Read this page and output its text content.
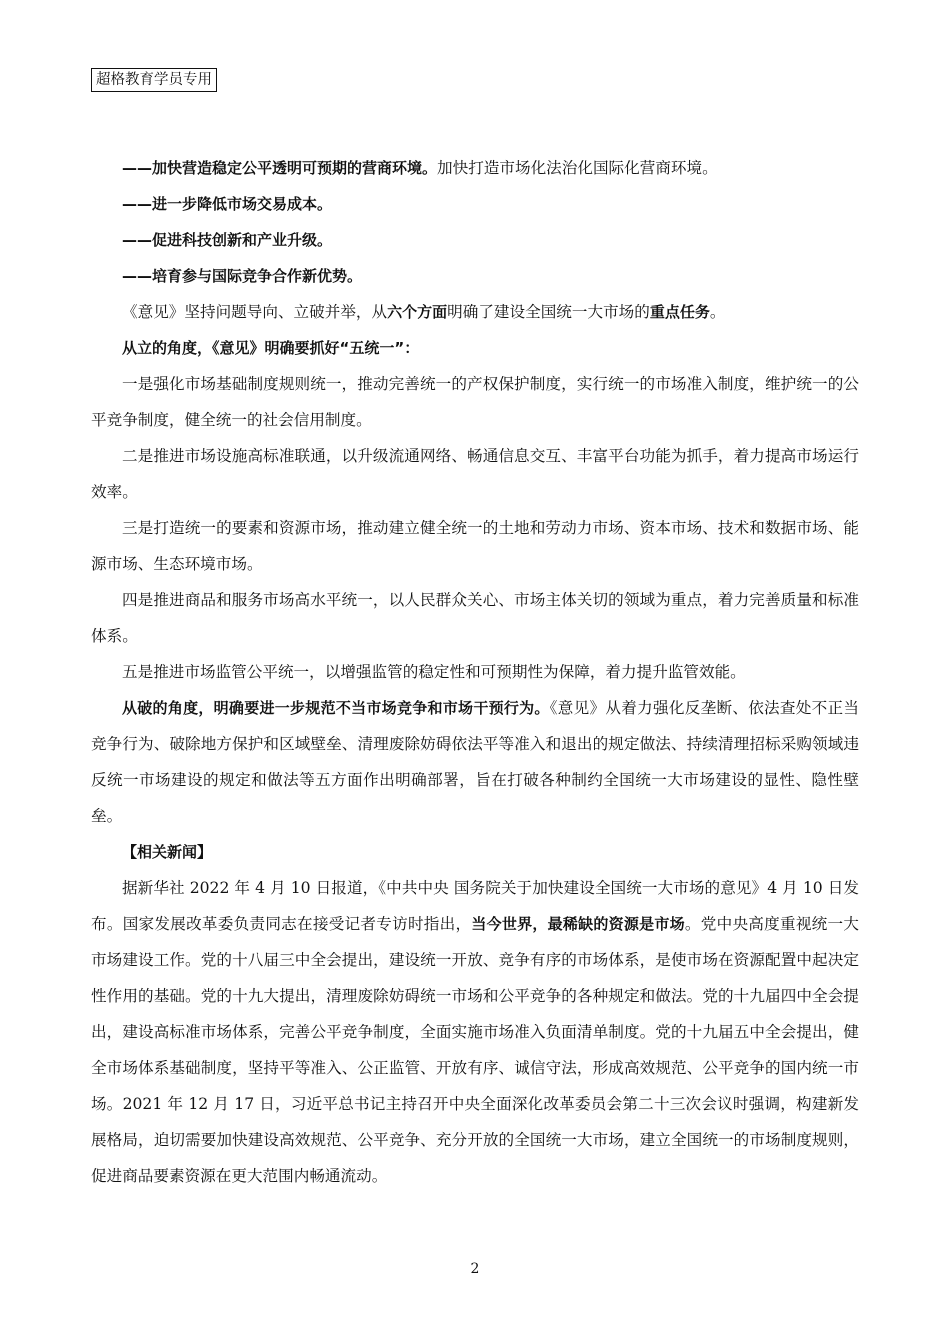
超格教育学员专用

——加快营造稳定公平透明可预期的营商环境。加快打造市场化法治化国际化营商环境。

——进一步降低市场交易成本。

——促进科技创新和产业升级。

——培育参与国际竞争合作新优势。

《意见》坚持问题导向、立破并举，从六个方面明确了建设全国统一大市场的重点任务。

从立的角度，《意见》明确要抓好“五统一”：

一是强化市场基础制度规则统一，推动完善统一的产权保护制度，实行统一的市场准入制度，维护统一的公平竞争制度，健全统一的社会信用制度。

二是推进市场设施高标准联通，以升级流通网络、畅通信息交互、丰富平台功能为抓手，着力提高市场运行效率。

三是打造统一的要素和资源市场，推动建立健全统一的土地和劳动力市场、资本市场、技术和数据市场、能源市场、生态环境市场。

四是推进商品和服务市场高水平统一，以人民群众关心、市场主体关切的领域为重点，着力完善质量和标准体系。

五是推进市场监管公平统一，以增强监管的稳定性和可预期性为保障，着力提升监管效能。

从破的角度，明确要进一步规范不当市场竞争和市场干预行为。《意见》从着力强化反垄断、依法查处不正当竞争行为、破除地方保护和区域壁垒、清理废除妨碍依法平等准入和退出的规定做法、持续清理招标采购领域违反统一市场建设的规定和做法等五方面作出明确部署，旨在打破各种制约全国统一大市场建设的显性、隐性壁垒。

【相关新闻】

据新华社 2022 年 4 月 10 日报道，《中共中央 国务院关于加快建设全国统一大市场的意见》4 月 10 日发布。国家发展改革委负责同志在接受记者专访时指出，当今世界，最稀缺的资源是市场。党中央高度重视统一大市场建设工作。党的十八届三中全会提出，建设统一开放、竞争有序的市场体系，是使市场在资源配置中起决定性作用的基础。党的十九大提出，清理废除妨碍统一市场和公平竞争的各种规定和做法。党的十九届四中全会提出，建设高标准市场体系，完善公平竞争制度，全面实施市场准入负面清单制度。党的十九届五中全会提出，健全市场体系基础制度，坚持平等准入、公正监管、开放有序、诚信守法，形成高效规范、公平竞争的国内统一市场。2021 年 12 月 17 日，习近平总书记主持召开中央全面深化改革委员会第二十三次会议时强调，构建新发展格局，迫切需要加快建设高效规范、公平竞争、充分开放的全国统一大市场，建立全国统一的市场制度规则，促进商品要素资源在更大范围内畅通流动。

2
